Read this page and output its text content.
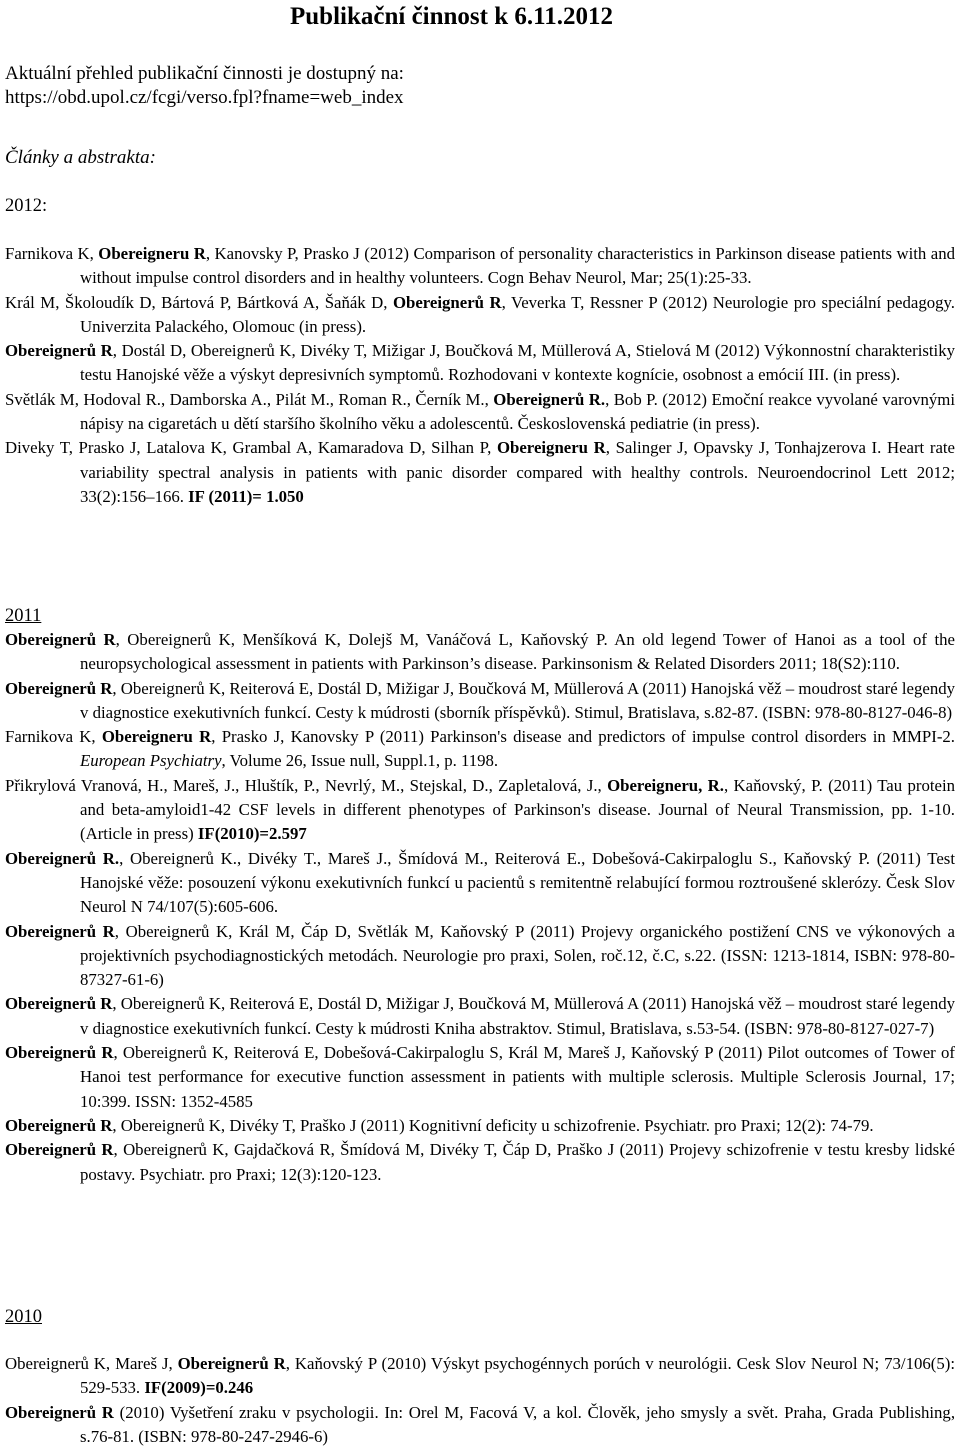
Publikační činnost k 6.11.2012
Aktuální přehled publikační činnosti je dostupný na:
https://obd.upol.cz/fcgi/verso.fpl?fname=web_index
Články a abstrakta:
2012:

Farnikova K, Obereigneru R, Kanovsky P, Prasko J (2012) Comparison of personality characteristics in Parkinson disease patients with and without impulse control disorders and in healthy volunteers. Cogn Behav Neurol, Mar; 25(1):25-33.

Král M, Školoudík D, Bártová P, Bártková A, Šaňák D, Obereignerů R, Veverka T, Ressner P (2012) Neurologie pro speciální pedagogy. Univerzita Palackého, Olomouc (in press).

Obereignerů R, Dostál D, Obereignerů K, Divéky T, Mižigar J, Boučková M, Müllerová A, Stielová M (2012) Výkonnostní charakteristiky testu Hanojské věže a výskyt depresivních symptomů. Rozhodovani v kontexte kognície, osobnost a emócií III. (in press).

Světlák M, Hodoval R., Damborska A., Pilát M., Roman R., Černík M., Obereignerů R., Bob P. (2012) Emoční reakce vyvolané varovnými nápisy na cigaretách u dětí staršího školního věku a adolescentů. Československá pediatrie (in press).

Diveky T, Prasko J, Latalova K, Grambal A, Kamaradova D, Silhan P, Obereigneru R, Salinger J, Opavsky J, Tonhajzerova I. Heart rate variability spectral analysis in patients with panic disorder compared with healthy controls. Neuroendocrinol Lett 2012; 33(2):156–166. IF (2011)= 1.050

2011

Obereignerů R, Obereignerů K, Menšíková K, Dolejš M, Vanáčová L, Kaňovský P. An old legend Tower of Hanoi as a tool of the neuropsychological assessment in patients with Parkinson’s disease. Parkinsonism & Related Disorders 2011; 18(S2):110.

Obereignerů R, Obereignerů K, Reiterová E, Dostál D, Mižigar J, Boučková M, Müllerová A (2011) Hanojská věž – moudrost staré legendy v diagnostice exekutivních funkcí. Cesty k múdrosti (sborník příspěvků). Stimul, Bratislava, s.82-87. (ISBN: 978-80-8127-046-8)

Farnikova K, Obereigneru R, Prasko J, Kanovsky P (2011) Parkinson's disease and predictors of impulse control disorders in MMPI-2. European Psychiatry, Volume 26, Issue null, Suppl.1, p. 1198.

Přikrylová Vranová, H., Mareš, J., Hluštík, P., Nevrlý, M., Stejskal, D., Zapletalová, J., Obereigneru, R., Kaňovský, P. (2011) Tau protein and beta-amyloid1-42 CSF levels in different phenotypes of Parkinson's disease. Journal of Neural Transmission, pp. 1-10. (Article in press) IF(2010)=2.597

Obereignerů R., Obereignerů K., Divéky T., Mareš J., Šmídová M., Reiterová E., Dobešová-Cakirpaloglu S., Kaňovský P. (2011) Test Hanojské věže: posouzení výkonu exekutivních funkcí u pacientů s remitentně relabující formou roztroušené sklerózy. Česk Slov Neurol N 74/107(5):605-606.

Obereignerů R, Obereignerů K, Král M, Čáp D, Světlák M, Kaňovský P (2011) Projevy organického postižení CNS ve výkonových a projektivních psychodiagnostických metodách. Neurologie pro praxi, Solen, roč.12, č.C, s.22. (ISSN: 1213-1814, ISBN: 978-80-87327-61-6)

Obereignerů R, Obereignerů K, Reiterová E, Dostál D, Mižigar J, Boučková M, Müllerová A (2011) Hanojská věž – moudrost staré legendy v diagnostice exekutivních funkcí. Cesty k múdrosti Kniha abstraktov. Stimul, Bratislava, s.53-54. (ISBN: 978-80-8127-027-7)

Obereignerů R, Obereignerů K, Reiterová E, Dobešová-Cakirpaloglu S, Král M, Mareš J, Kaňovský P (2011) Pilot outcomes of Tower of Hanoi test performance for executive function assessment in patients with multiple sclerosis. Multiple Sclerosis Journal, 17; 10:399. ISSN: 1352-4585

Obereignerů R, Obereignerů K, Divéky T, Praško J (2011) Kognitivní deficity u schizofrenie. Psychiatr. pro Praxi; 12(2): 74-79.

Obereignerů R, Obereignerů K, Gajdačková R, Šmídová M, Divéky T, Čáp D, Praško J (2011) Projevy schizofrenie v testu kresby lidské postavy. Psychiatr. pro Praxi; 12(3):120-123.

2010

Obereignerů K, Mareš J, Obereignerů R, Kaňovský P (2010) Výskyt psychogénnych porúch v neurológii. Cesk Slov Neurol N; 73/106(5): 529-533. IF(2009)=0.246

Obereignerů R (2010) Vyšetření zraku v psychologii. In: Orel M, Facová V, a kol. Člověk, jeho smysly a svět. Praha, Grada Publishing, s.76-81. (ISBN: 978-80-247-2946-6)
